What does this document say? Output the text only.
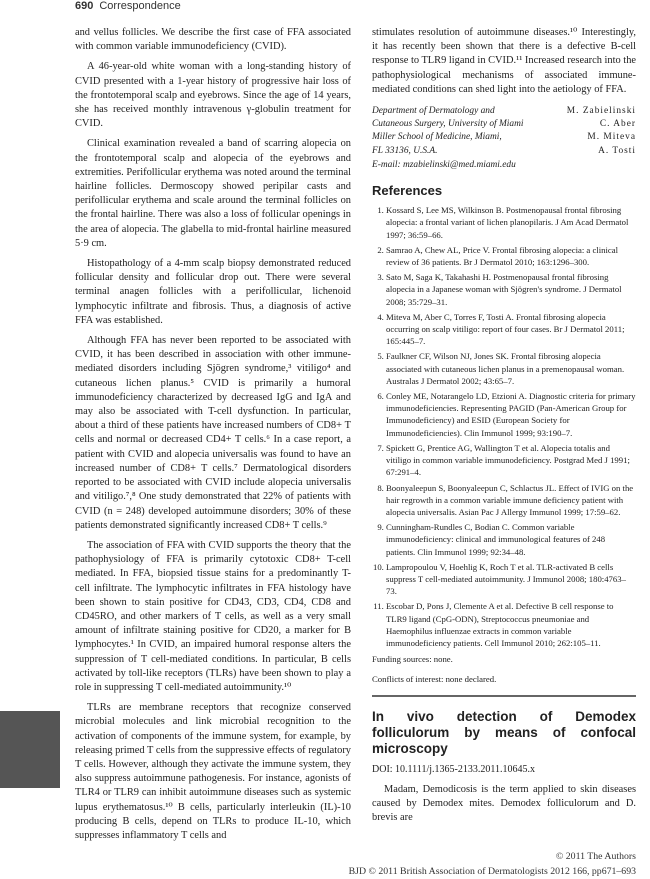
690 Correspondence

and vellus follicles. We describe the first case of FFA associated with common variable immunodeficiency (CVID).

A 46-year-old white woman with a long-standing history of CVID presented with a 1-year history of progressive hair loss of the frontotemporal scalp and eyebrows. Since the age of 14 years, she has received monthly intravenous γ-globulin treatment for CVID.

Clinical examination revealed a band of scarring alopecia on the frontotemporal scalp and alopecia of the eyebrows and extremities. Perifollicular erythema was noted around the terminal hairline follicles. Dermoscopy showed peripilar casts and perifollicular erythema and scale around the terminal follicles on the frontal hairline. There was also a loss of follicular openings in the area of alopecia. The glabella to mid-frontal hairline measured 5·9 cm.

Histopathology of a 4-mm scalp biopsy demonstrated reduced follicular density and follicular drop out. There were several terminal anagen follicles with a perifollicular, lichenoid lymphocytic infiltrate and fibrosis. Thus, a diagnosis of active FFA was established.

Although FFA has never been reported to be associated with CVID, it has been described in association with other immune-mediated disorders including Sjögren syndrome,³ vitiligo⁴ and cutaneous lichen planus.⁵ CVID is primarily a humoral immunodeficiency characterized by decreased IgG and IgA and may also be associated with T-cell dysfunction. In particular, about a third of these patients have increased numbers of CD8+ T cells and normal or decreased CD4+ T cells.⁶ In a case report, a patient with CVID and alopecia universalis was found to have an increased number of CD8+ T cells.⁷ Dermatological disorders reported to be associated with CVID include alopecia universalis and vitiligo.⁷,⁸ One study demonstrated that 22% of patients with CVID (n = 248) developed autoimmune disorders; 30% of these patients demonstrated significantly increased CD8+ T cells.⁹

The association of FFA with CVID supports the theory that the pathophysiology of FFA is primarily cytotoxic CD8+ T-cell mediated. In FFA, biopsied tissue stains for a predominantly T-cell infiltrate. The lymphocytic infiltrates in FFA histology have been shown to stain positive for CD43, CD3, CD4, CD8 and CD45RO, and other markers of T cells, as well as a very small amount of infiltrate staining positive for CD20, a marker for B lymphocytes.¹ In CVID, an impaired humoral response alters the suppression of T cell-mediated conditions. In particular, B cells activated by toll-like receptors (TLRs) have been shown to play a role in suppressing T cell-mediated autoimmunity.¹⁰

TLRs are membrane receptors that recognize conserved microbial molecules and link microbial recognition to the activation of components of the immune system, for example, by releasing primed T cells from the suppressive effects of regulatory T cells. However, although they activate the immune system, they also suppress autoimmune pathogenesis. For instance, agonists of TLR4 or TLR9 can inhibit autoimmune diseases such as systemic lupus erythematosus.¹⁰ B cells, particularly interleukin (IL)-10 producing B cells, depend on TLRs to produce IL-10, which suppresses inflammatory T cells and

stimulates resolution of autoimmune diseases.¹⁰ Interestingly, it has recently been shown that there is a defective B-cell response to TLR9 ligand in CVID.¹¹ Increased research into the pathophysiological mechanisms of associated immune-mediated conditions can shed light into the aetiology of FFA.

Department of Dermatology and	M. Zabielinski
Cutaneous Surgery, University of Miami	C. Aber
Miller School of Medicine, Miami,	M. Miteva
FL 33136, U.S.A.	A. Tosti

E-mail: mzabielinski@med.miami.edu

References
1. Kossard S, Lee MS, Wilkinson B. Postmenopausal frontal fibrosing alopecia: a frontal variant of lichen planopilaris. J Am Acad Dermatol 1997; 36:59–66.
2. Samrao A, Chew AL, Price V. Frontal fibrosing alopecia: a clinical review of 36 patients. Br J Dermatol 2010; 163:1296–300.
3. Sato M, Saga K, Takahashi H. Postmenopausal frontal fibrosing alopecia in a Japanese woman with Sjögren's syndrome. J Dermatol 2008; 35:729–31.
4. Miteva M, Aber C, Torres F, Tosti A. Frontal fibrosing alopecia occurring on scalp vitiligo: report of four cases. Br J Dermatol 2011; 165:445–7.
5. Faulkner CF, Wilson NJ, Jones SK. Frontal fibrosing alopecia associated with cutaneous lichen planus in a premenopausal woman. Australas J Dermatol 2002; 43:65–7.
6. Conley ME, Notarangelo LD, Etzioni A. Diagnostic criteria for primary immunodeficiencies. Representing PAGID (Pan-American Group for Immunodeficiency) and ESID (European Society for Immunodeficiencies). Clin Immunol 1999; 93:190–7.
7. Spickett G, Prentice AG, Wallington T et al. Alopecia totalis and vitiligo in common variable immunodeficiency. Postgrad Med J 1991; 67:291–4.
8. Boonyaleepun S, Boonyaleepun C, Schlactus JL. Effect of IVIG on the hair regrowth in a common variable immune deficiency patient with alopecia universalis. Asian Pac J Allergy Immunol 1999; 17:59–62.
9. Cunningham-Rundles C, Bodian C. Common variable immunodeficiency: clinical and immunological features of 248 patients. Clin Immunol 1999; 92:34–48.
10. Lampropoulou V, Hoehlig K, Roch T et al. TLR-activated B cells suppress T cell-mediated autoimmunity. J Immunol 2008; 180:4763–73.
11. Escobar D, Pons J, Clemente A et al. Defective B cell response to TLR9 ligand (CpG-ODN), Streptococcus pneumoniae and Haemophilus influenzae extracts in common variable immunodeficiency patients. Cell Immunol 2010; 262:105–11.

Funding sources: none.

Conflicts of interest: none declared.

In vivo detection of Demodex folliculorum by means of confocal microscopy

DOI: 10.1111/j.1365-2133.2011.10645.x

Madam, Demodicosis is the term applied to skin diseases caused by Demodex mites. Demodex folliculorum and D. brevis are

© 2011 The Authors
BJD © 2011 British Association of Dermatologists 2012 166, pp671–693
